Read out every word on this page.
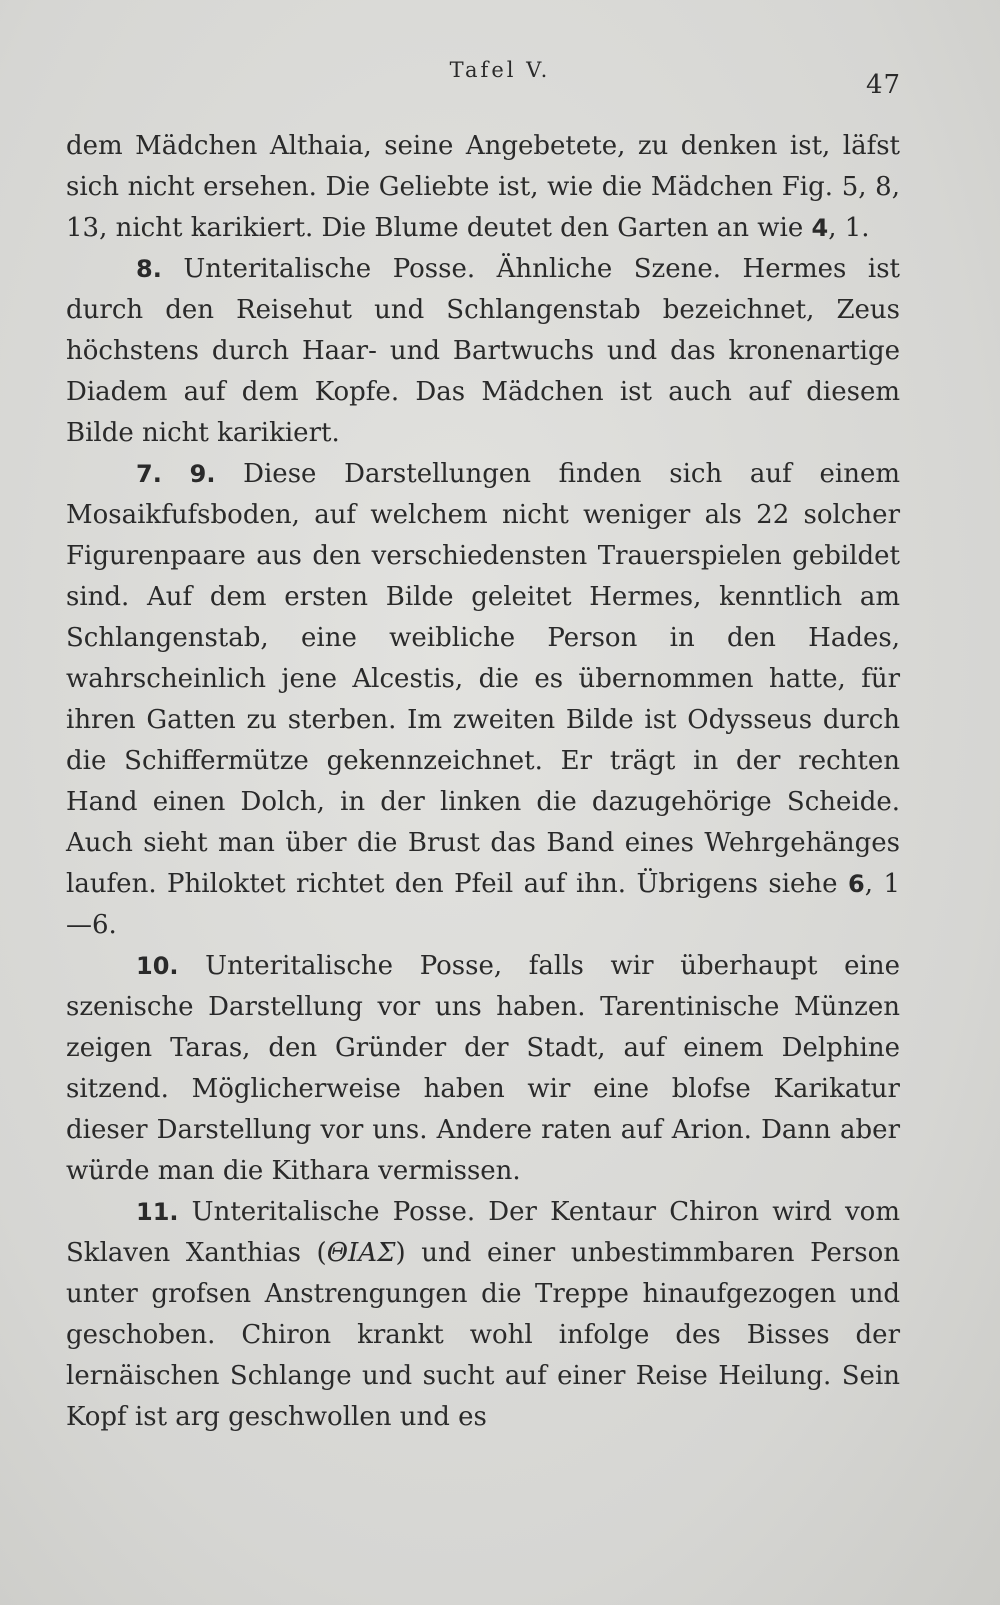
Tafel V.	47

dem Mädchen Althaia, seine Angebetete, zu denken ist, läfst sich nicht ersehen. Die Geliebte ist, wie die Mädchen Fig. 5, 8, 13, nicht karikiert. Die Blume deutet den Garten an wie 4, 1.

8. Unteritalische Posse. Ähnliche Szene. Hermes ist durch den Reisehut und Schlangenstab bezeichnet, Zeus höchstens durch Haar- und Bartwuchs und das kronenartige Diadem auf dem Kopfe. Das Mädchen ist auch auf diesem Bilde nicht karikiert.

7. 9. Diese Darstellungen finden sich auf einem Mosaikfufsboden, auf welchem nicht weniger als 22 solcher Figurenpaare aus den verschiedensten Trauerspielen gebildet sind. Auf dem ersten Bilde geleitet Hermes, kenntlich am Schlangenstab, eine weibliche Person in den Hades, wahrscheinlich jene Alcestis, die es übernommen hatte, für ihren Gatten zu sterben. Im zweiten Bilde ist Odysseus durch die Schiffermütze gekennzeichnet. Er trägt in der rechten Hand einen Dolch, in der linken die dazugehörige Scheide. Auch sieht man über die Brust das Band eines Wehrgehänges laufen. Philoktet richtet den Pfeil auf ihn. Übrigens siehe 6, 1—6.

10. Unteritalische Posse, falls wir überhaupt eine szenische Darstellung vor uns haben. Tarentinische Münzen zeigen Taras, den Gründer der Stadt, auf einem Delphine sitzend. Möglicherweise haben wir eine blofse Karikatur dieser Darstellung vor uns. Andere raten auf Arion. Dann aber würde man die Kithara vermissen.

11. Unteritalische Posse. Der Kentaur Chiron wird vom Sklaven Xanthias (ΘΙΑΣ) und einer unbestimmbaren Person unter grofsen Anstrengungen die Treppe hinaufgezogen und geschoben. Chiron krankt wohl infolge des Bisses der lernäischen Schlange und sucht auf einer Reise Heilung. Sein Kopf ist arg geschwollen und es
